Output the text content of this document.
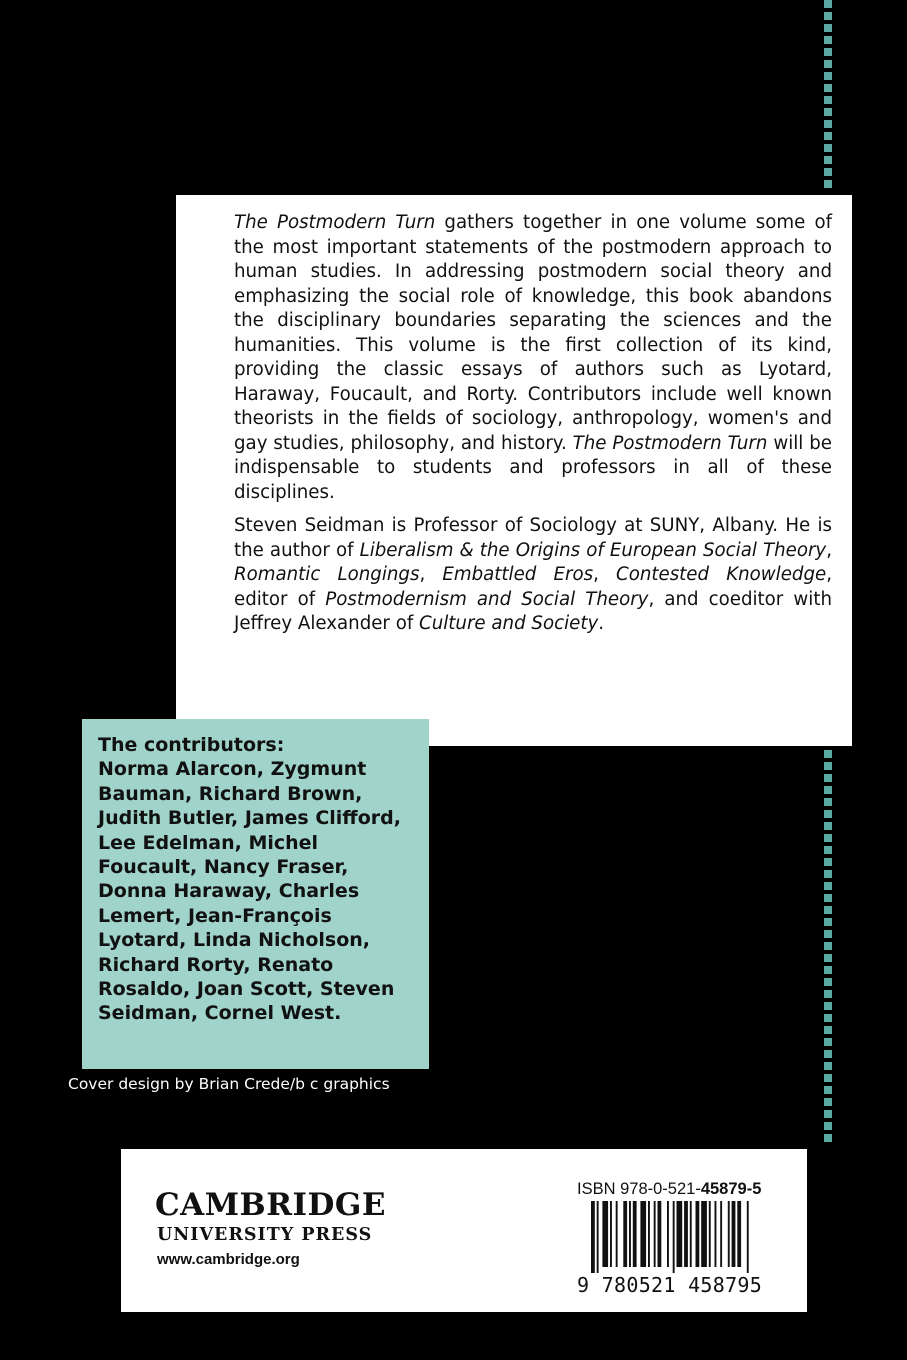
The Postmodern Turn gathers together in one volume some of the most important statements of the postmodern approach to human studies. In addressing postmodern social theory and emphasizing the social role of knowledge, this book abandons the disciplinary boundaries separating the sciences and the humanities. This volume is the first collection of its kind, providing the classic essays of authors such as Lyotard, Haraway, Foucault, and Rorty. Contributors include well known theorists in the fields of sociology, anthropology, women's and gay studies, philosophy, and history. The Postmodern Turn will be indispensable to students and professors in all of these disciplines.

Steven Seidman is Professor of Sociology at SUNY, Albany. He is the author of Liberalism & the Origins of European Social Theory, Romantic Longings, Embattled Eros, Contested Knowledge, editor of Postmodernism and Social Theory, and coeditor with Jeffrey Alexander of Culture and Society.

The contributors:
Norma Alarcon, Zygmunt Bauman, Richard Brown, Judith Butler, James Clifford, Lee Edelman, Michel Foucault, Nancy Fraser, Donna Haraway, Charles Lemert, Jean-François Lyotard, Linda Nicholson, Richard Rorty, Renato Rosaldo, Joan Scott, Steven Seidman, Cornel West.
Cover design by Brian Crede/b c graphics
CAMBRIDGE
UNIVERSITY PRESS
www.cambridge.org
ISBN 978-0-521-45879-5
9 780521 458795
